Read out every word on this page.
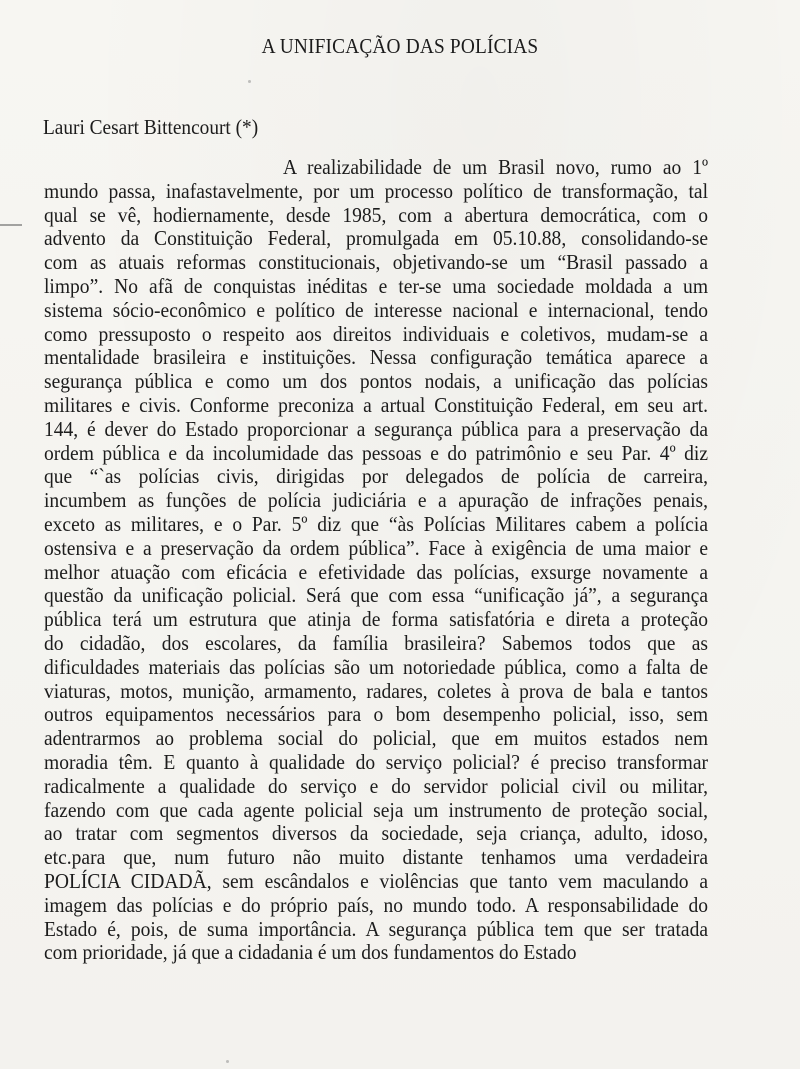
A UNIFICAÇÃO DAS POLÍCIAS
Lauri Cesart Bittencourt (*)
A realizabilidade de um Brasil novo, rumo ao 1º
mundo passa, inafastavelmente, por um processo político de transformação, tal
qual se vê, hodiernamente, desde 1985, com a abertura democrática, com o
advento da Constituição Federal, promulgada em 05.10.88, consolidando-se
com as atuais reformas constitucionais, objetivando-se um “Brasil passado a
limpo”. No afã de conquistas inéditas e ter-se uma sociedade moldada a um
sistema sócio-econômico e político de interesse nacional e internacional, tendo
como pressuposto o respeito aos direitos individuais e coletivos, mudam-se a
mentalidade brasileira e instituições. Nessa configuração temática aparece a
segurança pública e como um dos pontos nodais, a unificação das polícias
militares e civis. Conforme preconiza a artual Constituição Federal, em seu art.
144, é dever do Estado proporcionar a segurança pública para a preservação da
ordem pública e da incolumidade das pessoas e do patrimônio e seu Par. 4º diz
que “`as polícias civis, dirigidas por delegados de polícia de carreira,
incumbem as funções de polícia judiciária e a apuração de infrações penais,
exceto as militares, e o Par. 5º diz que “às Polícias Militares cabem a polícia
ostensiva e a preservação da ordem pública”. Face à exigência de uma maior e
melhor atuação com eficácia e efetividade das polícias, exsurge novamente a
questão da unificação policial. Será que com essa “unificação já”, a segurança
pública terá um estrutura que atinja de forma satisfatória e direta a proteção
do cidadão, dos escolares, da família brasileira? Sabemos todos que as
dificuldades materiais das polícias são um notoriedade pública, como a falta de
viaturas, motos, munição, armamento, radares, coletes à prova de bala e tantos
outros equipamentos necessários para o bom desempenho policial, isso, sem
adentrarmos ao problema social do policial, que em muitos estados nem
moradia têm. E quanto à qualidade do serviço policial? é preciso transformar
radicalmente a qualidade do serviço e do servidor policial civil ou militar,
fazendo com que cada agente policial seja um instrumento de proteção social,
ao tratar com segmentos diversos da sociedade, seja criança, adulto, idoso,
etc.para que, num futuro não muito distante tenhamos uma verdadeira
POLÍCIA CIDADÃ, sem escândalos e violências que tanto vem maculando a
imagem das polícias e do próprio país, no mundo todo. A responsabilidade do
Estado é, pois, de suma importância. A segurança pública tem que ser tratada
com prioridade, já que a cidadania é um dos fundamentos do Estado
